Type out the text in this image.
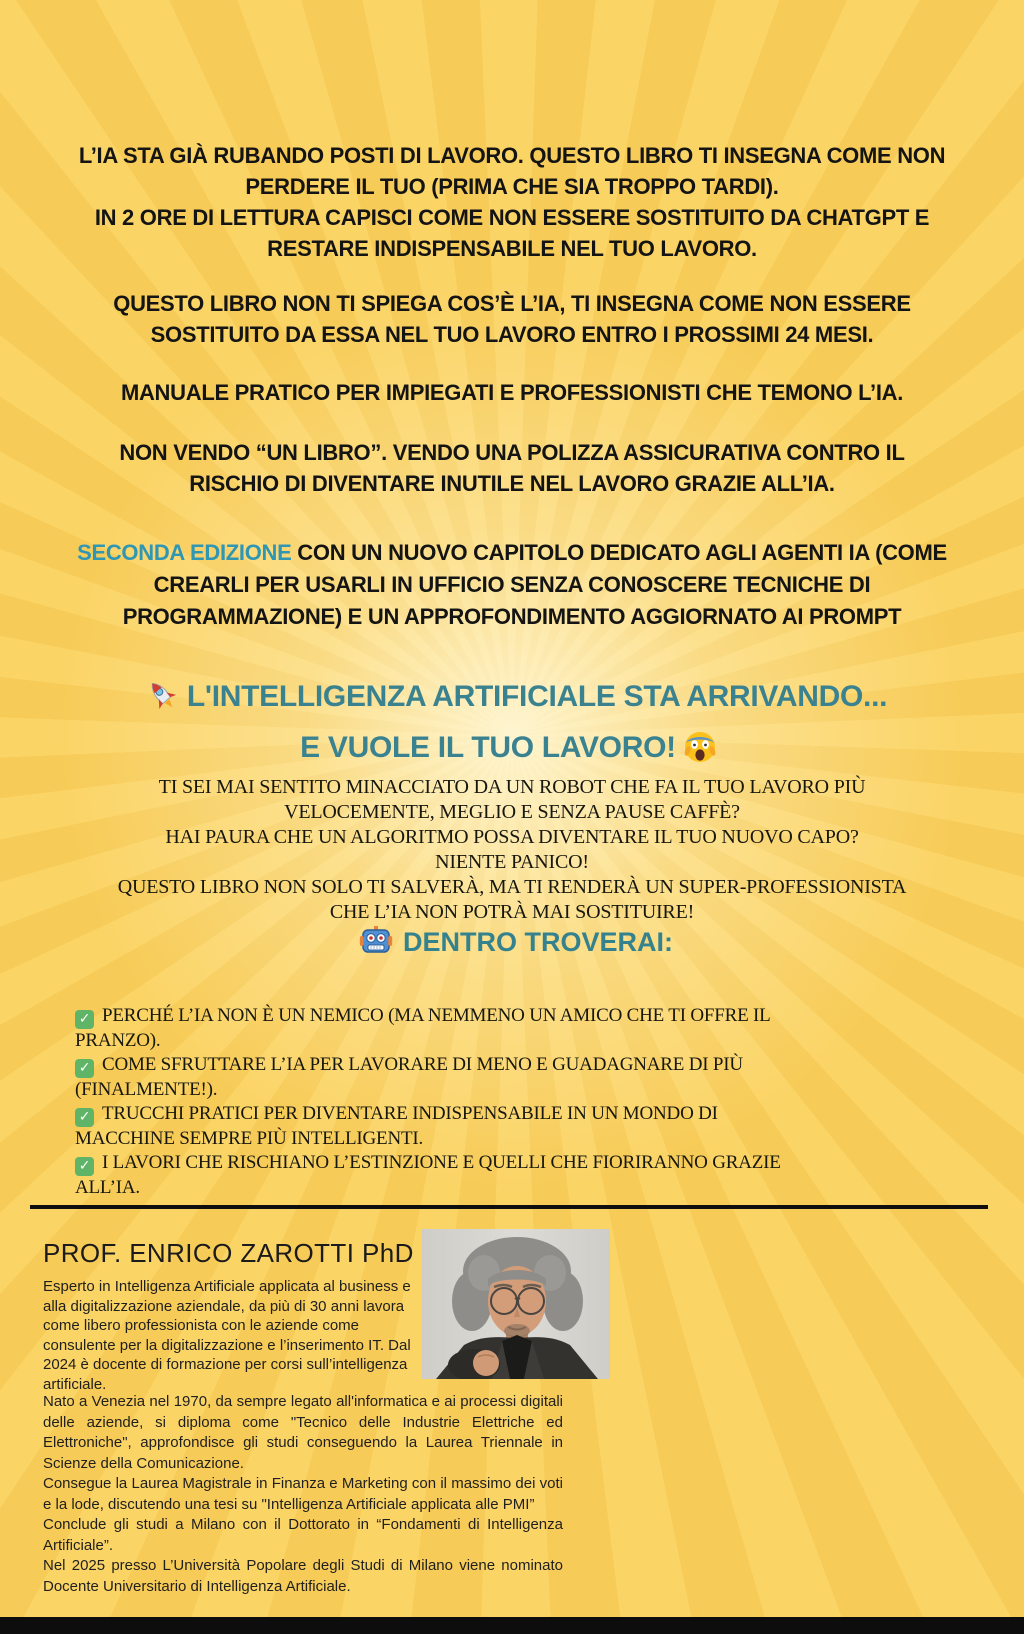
L’IA STA GIÀ RUBANDO POSTI DI LAVORO. QUESTO LIBRO TI INSEGNA COME NON PERDERE IL TUO (PRIMA CHE SIA TROPPO TARDI).
IN 2 ORE DI LETTURA CAPISCI COME NON ESSERE SOSTITUITO DA CHATGPT E RESTARE INDISPENSABILE NEL TUO LAVORO.
QUESTO LIBRO NON TI SPIEGA COS’È L’IA, TI INSEGNA COME NON ESSERE SOSTITUITO DA ESSA NEL TUO LAVORO ENTRO I PROSSIMI 24 MESI.
MANUALE PRATICO PER IMPIEGATI E PROFESSIONISTI CHE TEMONO L’IA.
NON VENDO “UN LIBRO”. VENDO UNA POLIZZA ASSICURATIVA CONTRO IL RISCHIO DI DIVENTARE INUTILE NEL LAVORO GRAZIE ALL’IA.
SECONDA EDIZIONE CON UN NUOVO CAPITOLO DEDICATO AGLI AGENTI IA (COME CREARLI PER USARLI IN UFFICIO SENZA CONOSCERE TECNICHE DI PROGRAMMAZIONE) E UN APPROFONDIMENTO AGGIORNATO AI PROMPT
L'INTELLIGENZA ARTIFICIALE STA ARRIVANDO...
E VUOLE IL TUO LAVORO!

TI SEI MAI SENTITO MINACCIATO DA UN ROBOT CHE FA IL TUO LAVORO PIÙ VELOCEMENTE, MEGLIO E SENZA PAUSE CAFFÈ?

HAI PAURA CHE UN ALGORITMO POSSA DIVENTARE IL TUO NUOVO CAPO?

NIENTE PANICO!

QUESTO LIBRO NON SOLO TI SALVERÀ, MA TI RENDERÀ UN SUPER-PROFESSIONISTA CHE L’IA NON POTRÀ MAI SOSTITUIRE!

DENTRO TROVERAI:
✓ PERCHÉ L’IA NON È UN NEMICO (MA NEMMENO UN AMICO CHE TI OFFRE IL PRANZO).
✓ COME SFRUTTARE L’IA PER LAVORARE DI MENO E GUADAGNARE DI PIÙ (FINALMENTE!).
✓ TRUCCHI PRATICI PER DIVENTARE INDISPENSABILE IN UN MONDO DI MACCHINE SEMPRE PIÙ INTELLIGENTI.
✓ I LAVORI CHE RISCHIANO L’ESTINZIONE E QUELLI CHE FIORIRANNO GRAZIE ALL’IA.
PROF. ENRICO ZAROTTI PhD

Esperto in Intelligenza Artificiale applicata al business e alla digitalizzazione aziendale, da più di 30 anni lavora come libero professionista con le aziende come consulente per la digitalizzazione e l’inserimento IT. Dal 2024 è docente di formazione per corsi sull’intelligenza artificiale.

Nato a Venezia nel 1970, da sempre legato all'informatica e ai processi digitali delle aziende, si diploma come "Tecnico delle Industrie Elettriche ed Elettroniche", approfondisce gli studi conseguendo la Laurea Triennale in Scienze della Comunicazione.

Consegue la Laurea Magistrale in Finanza e Marketing con il massimo dei voti e la lode, discutendo una tesi su "Intelligenza Artificiale applicata alle PMI”

Conclude gli studi a Milano con il Dottorato in “Fondamenti di Intelligenza Artificiale”.

Nel 2025 presso L’Università Popolare degli Studi di Milano viene nominato Docente Universitario di Intelligenza Artificiale.
